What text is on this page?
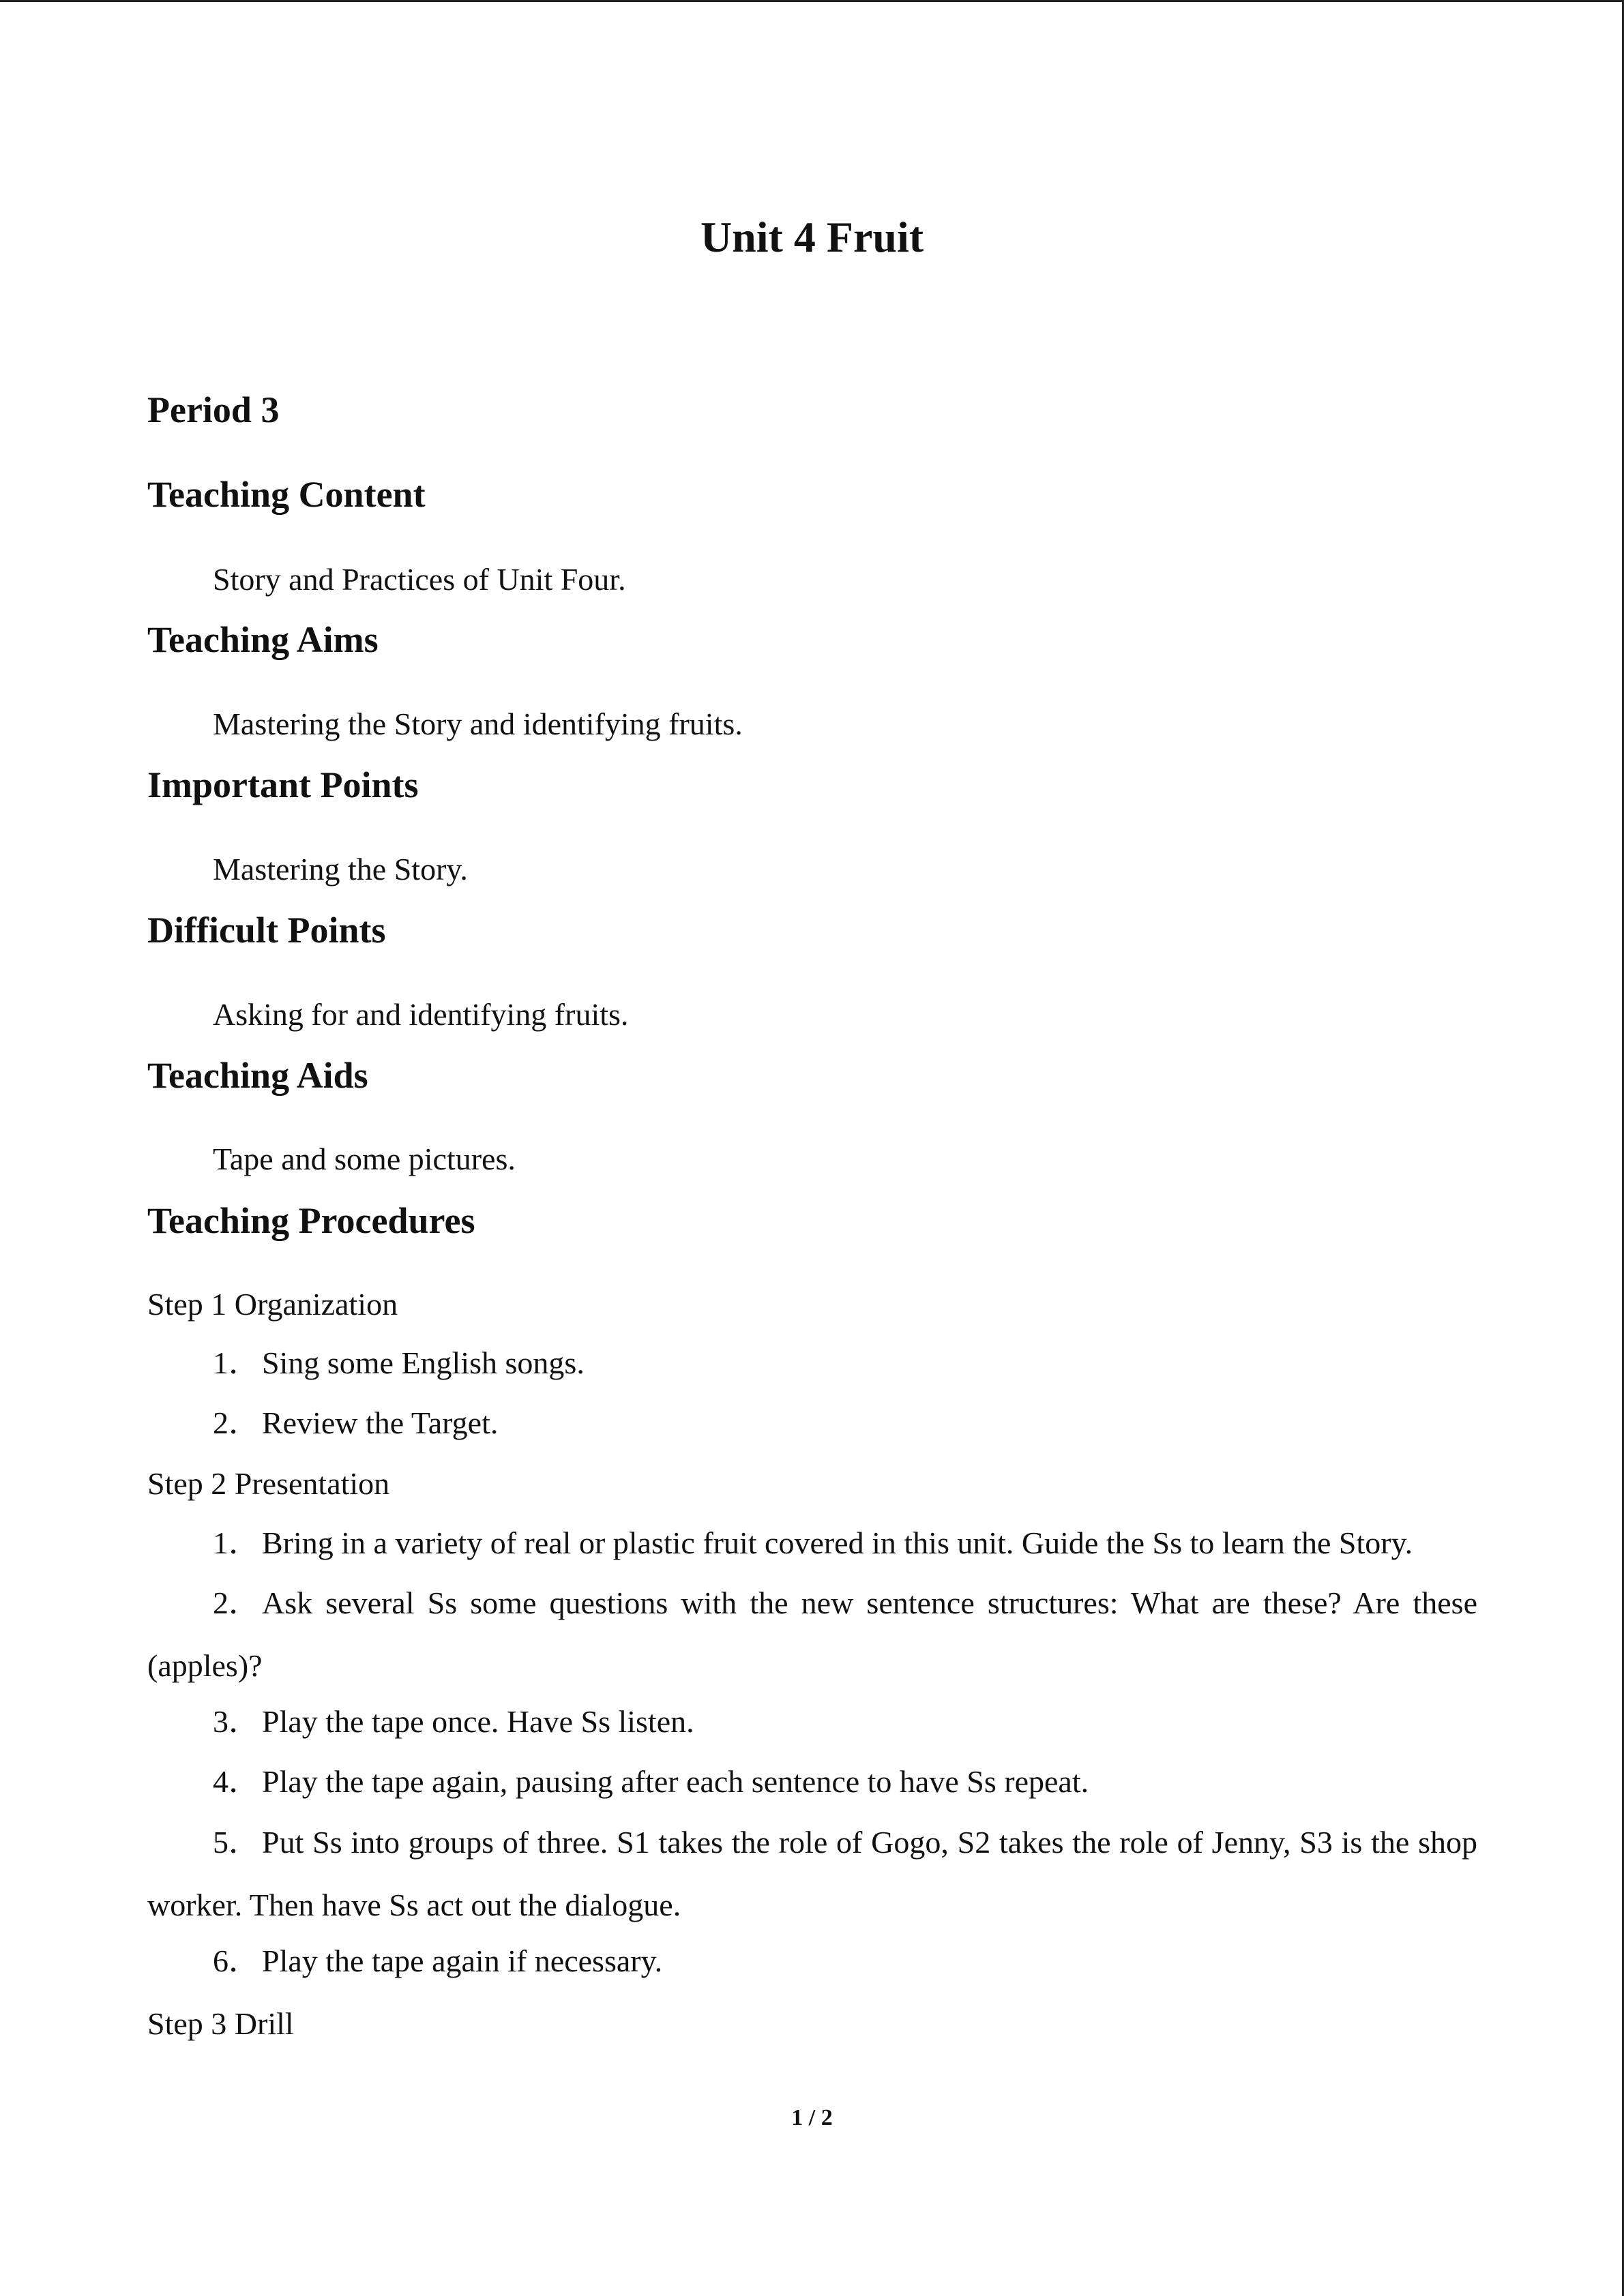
Unit 4 Fruit
Period 3
Teaching Content

Story and Practices of Unit Four.

Teaching Aims

Mastering the Story and identifying fruits.

Important Points

Mastering the Story.

Difficult Points

Asking for and identifying fruits.

Teaching Aids

Tape and some pictures.

Teaching Procedures

Step 1 Organization

1．Sing some English songs.

2．Review the Target.

Step 2 Presentation

1．Bring in a variety of real or plastic fruit covered in this unit. Guide the Ss to learn the Story.

2．Ask several Ss some questions with the new sentence structures: What are these? Are these (apples)?

3．Play the tape once. Have Ss listen.

4．Play the tape again, pausing after each sentence to have Ss repeat.

5．Put Ss into groups of three. S1 takes the role of Gogo, S2 takes the role of Jenny, S3 is the shop worker. Then have Ss act out the dialogue.

6．Play the tape again if necessary.

Step 3 Drill

1 / 2
